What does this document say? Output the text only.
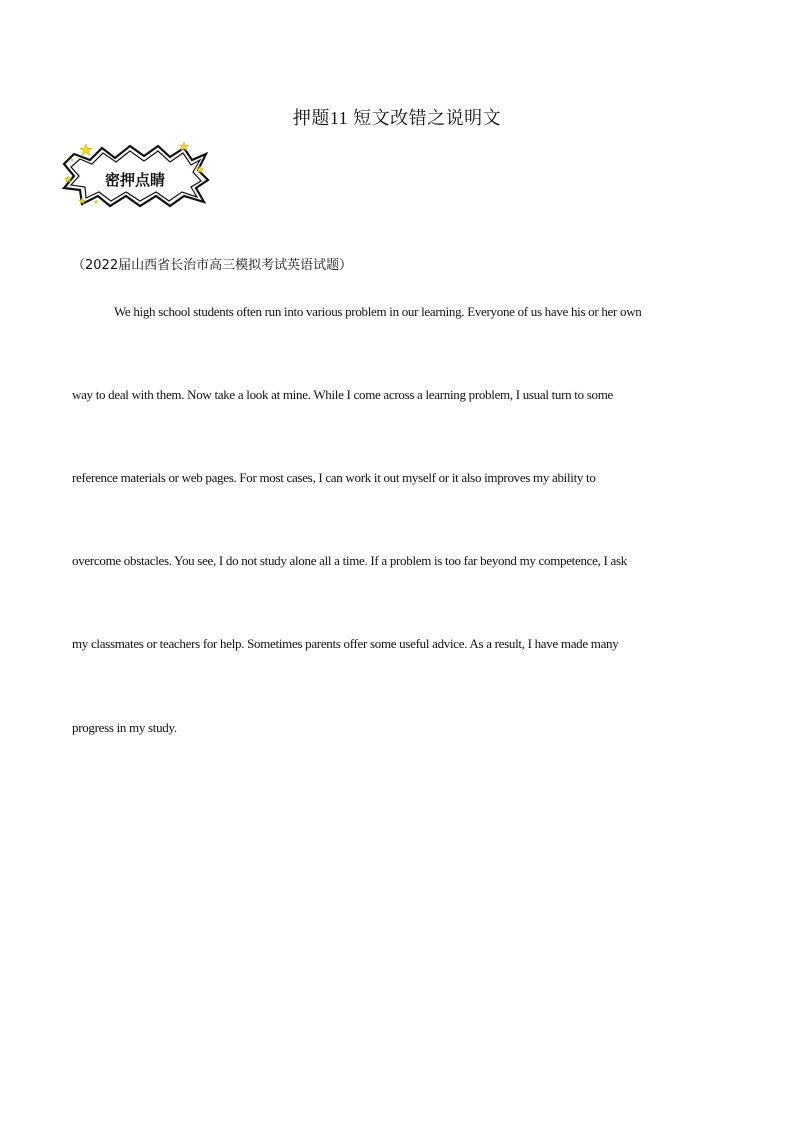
押题11 短文改错之说明文
密押点睛

（2022届山西省长治市高三模拟考试英语试题）

We high school students often run into various problem in our learning. Everyone of us have his or her own
way to deal with them. Now take a look at mine. While I come across a learning problem, I usual turn to some
reference materials or web pages. For most cases, I can work it out myself or it also improves my ability to
overcome obstacles. You see, I do not study alone all a time. If a problem is too far beyond my competence, I ask
my classmates or teachers for help. Sometimes parents offer some useful advice. As a result, I have made many
progress in my study.
